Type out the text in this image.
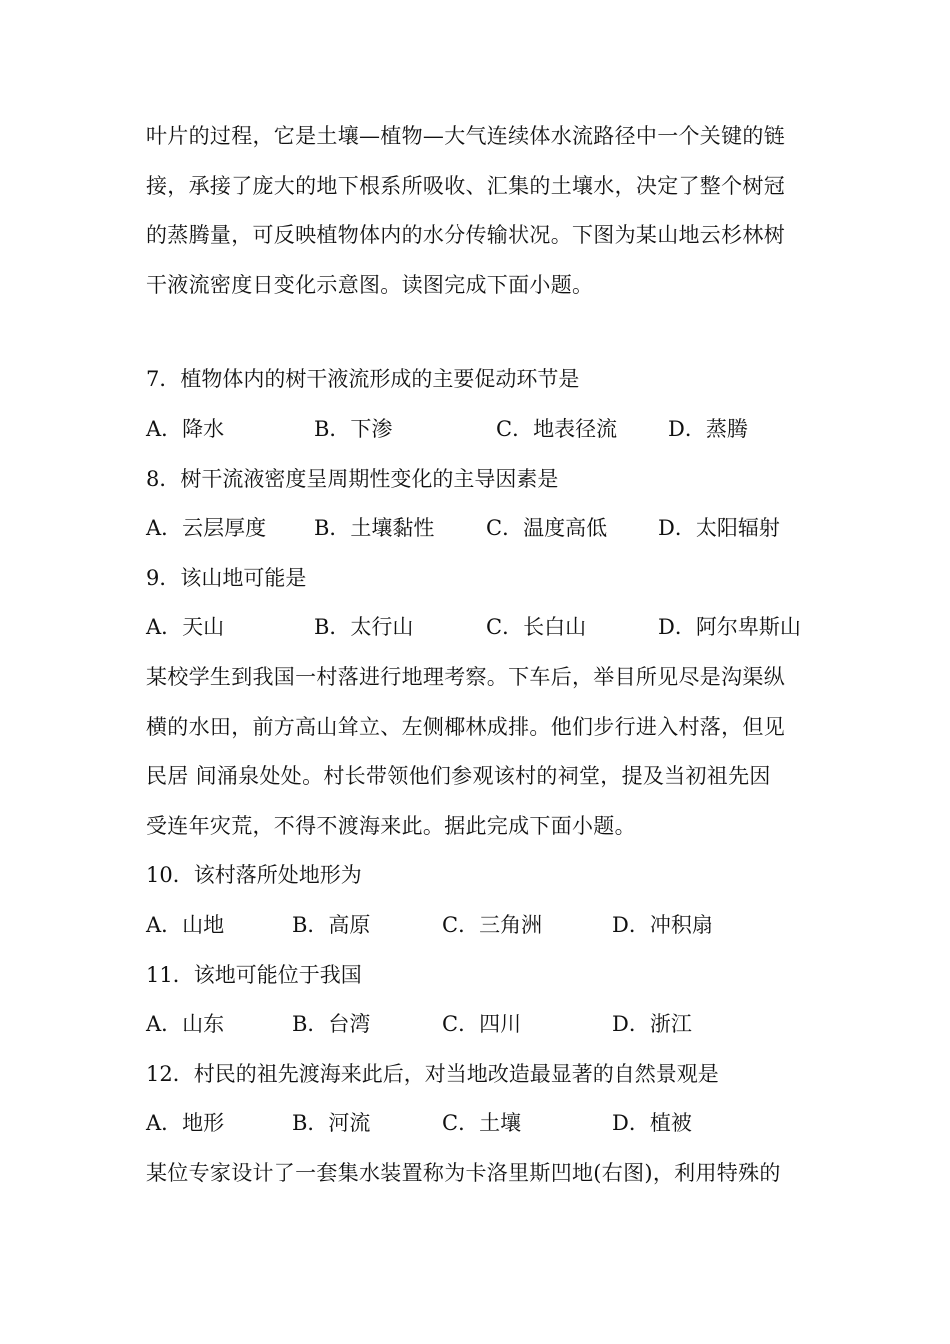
叶片的过程，它是土壤—植物—大气连续体水流路径中一个关键的链
接，承接了庞大的地下根系所吸收、汇集的土壤水，决定了整个树冠
的蒸腾量，可反映植物体内的水分传输状况。下图为某山地云杉林树
干液流密度日变化示意图。读图完成下面小题。
7．植物体内的树干液流形成的主要促动环节是
A．降水	B．下渗	C．地表径流 D．蒸腾
8．树干流液密度呈周期性变化的主导因素是
A．云层厚度 B．土壤黏性 C．温度高低 D．太阳辐射
9．该山地可能是
A．天山	B．太行山	C．长白山	D．阿尔卑斯山
某校学生到我国一村落进行地理考察。下车后，举目所见尽是沟渠纵
横的水田，前方高山耸立、左侧椰林成排。他们步行进入村落，但见
民居 间涌泉处处。村长带领他们参观该村的祠堂，提及当初祖先因
受连年灾荒，不得不渡海来此。据此完成下面小题。
10．该村落所处地形为
A．山地	B．高原	C．三角洲	D．冲积扇
11．该地可能位于我国
A．山东	B．台湾	C．四川	D．浙江
12．村民的祖先渡海来此后，对当地改造最显著的自然景观是
A．地形	B．河流	C．土壤	D．植被
某位专家设计了一套集水装置称为卡洛里斯凹地(右图)，利用特殊的
